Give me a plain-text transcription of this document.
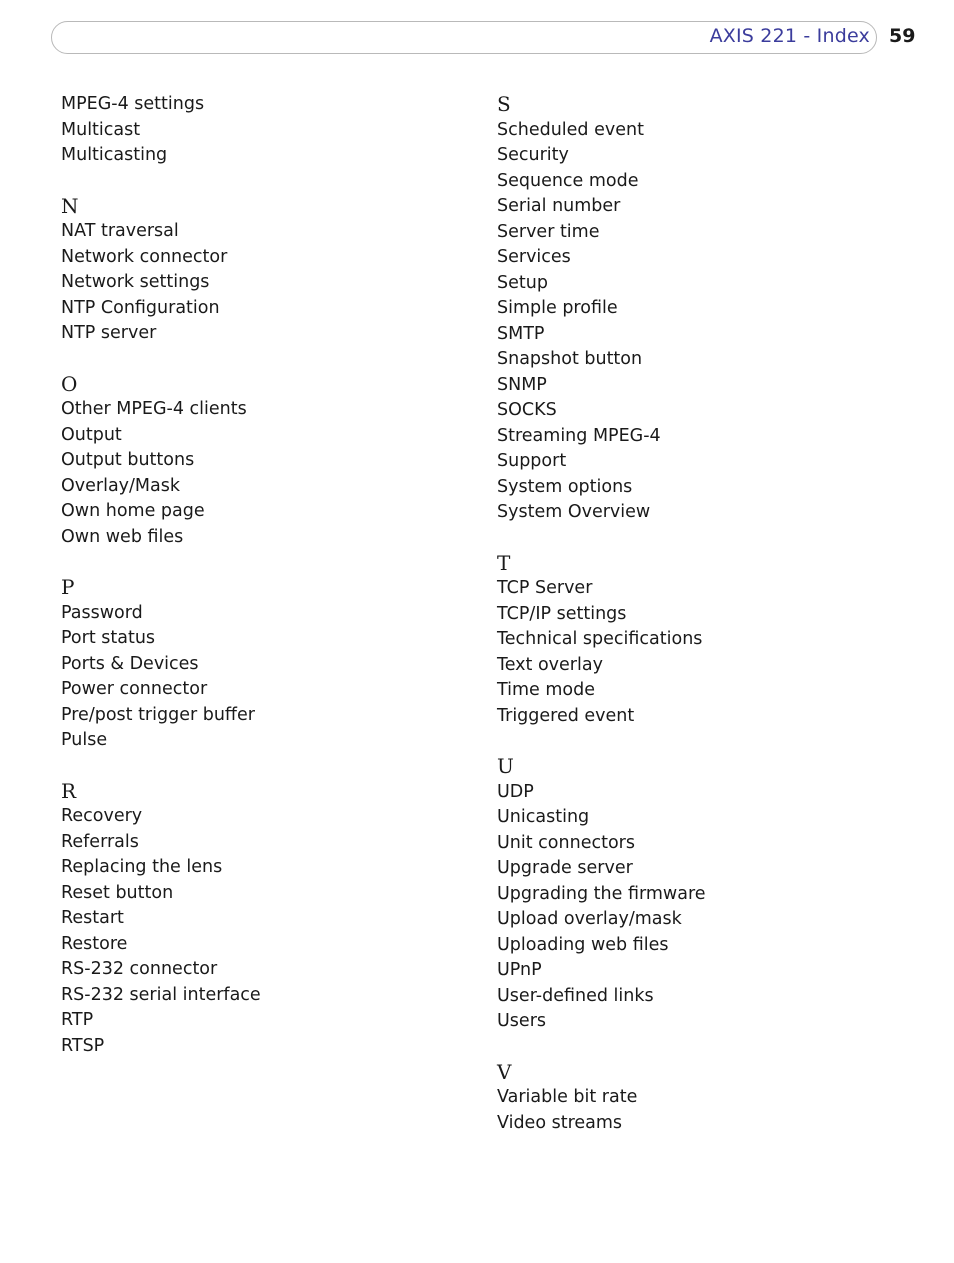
AXIS 221 - Index 59
MPEG-4 settings
Multicast
Multicasting
N
NAT traversal
Network connector
Network settings
NTP Configuration
NTP server
O
Other MPEG-4 clients
Output
Output buttons
Overlay/Mask
Own home page
Own web files
P
Password
Port status
Ports & Devices
Power connector
Pre/post trigger buffer
Pulse
R
Recovery
Referrals
Replacing the lens
Reset button
Restart
Restore
RS-232 connector
RS-232 serial interface
RTP
RTSP
S
Scheduled event
Security
Sequence mode
Serial number
Server time
Services
Setup
Simple profile
SMTP
Snapshot button
SNMP
SOCKS
Streaming MPEG-4
Support
System options
System Overview
T
TCP Server
TCP/IP settings
Technical specifications
Text overlay
Time mode
Triggered event
U
UDP
Unicasting
Unit connectors
Upgrade server
Upgrading the firmware
Upload overlay/mask
Uploading web files
UPnP
User-defined links
Users
V
Variable bit rate
Video streams
